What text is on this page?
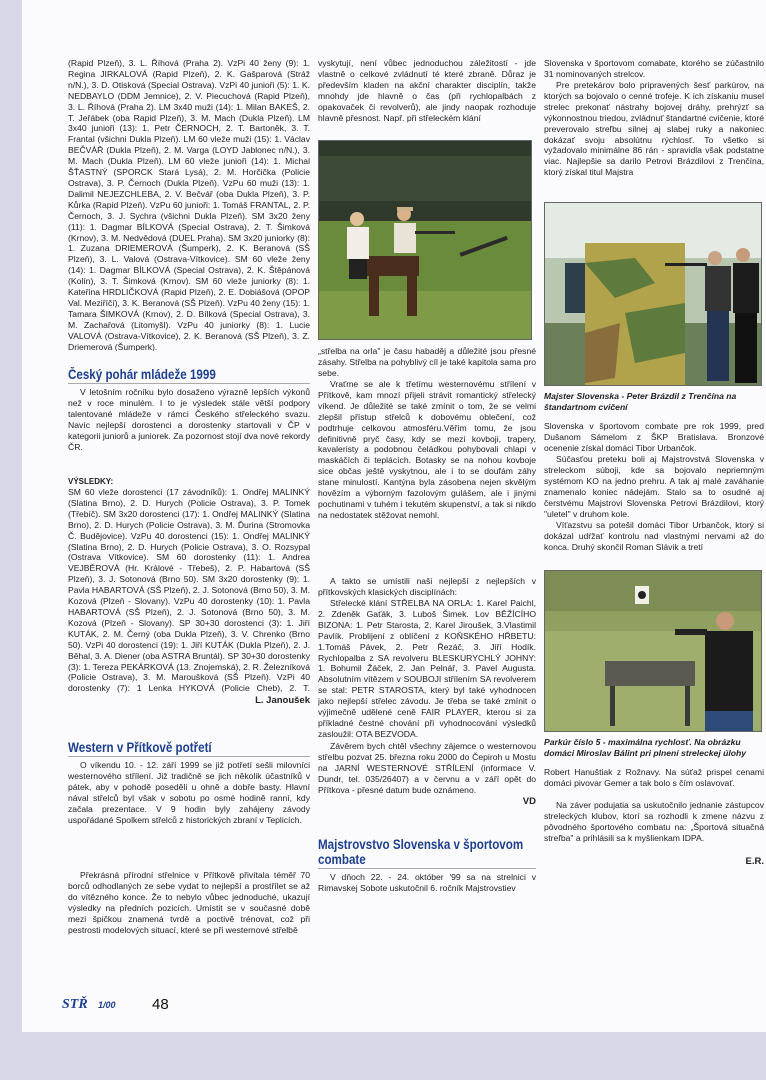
(Rapid Plzeň), 3. L. Říhová (Praha 2). VzPi 40 ženy (9): 1. Regina JIRKALOVÁ (Rapid Plzeň), 2. K. Gašparová (Stráž n/N.), 3. D. Otisková (Special Ostrava). VzPi 40 junioři (5): 1. K. NEDBAYLO (DDM Jemnice), 2. V. Piecuchová (Rapid Plzeň), 3. L. Říhová (Praha 2). LM 3x40 muži (14): 1. Milan BAKEŠ, 2. T. Jeřábek (oba Rapid Plzeň), 3. M. Mach (Dukla Plzeň). LM 3x40 junioři (13): 1. Petr ČERNOCH, 2. T. Bartoněk, 3. T. Frantal (všichni Dukla Plzeň). LM 60 vleže muži (15): 1. Václav BEČVÁŘ (Dukla Plzeň), 2. M. Varga (LOYD Jablonec n/N.), 3. M. Mach (Dukla Plzeň). LM 60 vleže junioři (14): 1. Michal ŠŤASTNÝ (SPORCK Stará Lysá), 2. M. Horčička (Policie Ostrava), 3. P. Černoch (Dukla Plzeň). VzPu 60 muži (13): 1. Dalimil NEJEZCHLEBA, 2. V. Bečvář (oba Dukla Plzeň), 3. P. Kůrka (Rapid Plzeň). VzPu 60 junioři: 1. Tomáš FRANTAL, 2. P. Černoch, 3. J. Sychra (všichni Dukla Plzeň). SM 3x20 ženy (11): 1. Dagmar BÍLKOVÁ (Special Ostrava), 2. T. Šimková (Krnov), 3. M. Nedvědová (DUEL Praha). SM 3x20 juniorky (8): 1. Zuzana DRIEMEROVÁ (Šumperk), 2. K. Beranová (SŠ Plzeň), 3. L. Valová (Ostrava-Vítkovice). SM 60 vleže ženy (14): 1. Dagmar BÍLKOVÁ (Special Ostrava), 2. K. Štěpánová (Kolín), 3. T. Šimková (Krnov). SM 60 vleže juniorky (8): 1. Kateřina HRDLIČKOVÁ (Rapid Plzeň), 2. E. Dobiášová (OPOP Val. Meziříčí), 3. K. Beranová (SŠ Plzeň). VzPu 40 ženy (15): 1. Tamara ŠIMKOVÁ (Krnov), 2. D. Bílková (Special Ostrava), 3. M. Zachařová (Litomyšl). VzPu 40 juniorky (8): 1. Lucie VALOVÁ (Ostrava-Vítkovice), 2. K. Beranová (SŠ Plzeň), 3. Z. Driemerová (Šumperk).

Český pohár mládeže 1999

V letošním ročníku bylo dosaženo výrazně lepších výkonů než v roce minulém. I to je výsledek stále větší podpory talentované mládeže v rámci Českého střeleckého svazu. Navíc nejlepší dorostenci a dorostenky startovali v ČP v kategorii juniorů a juniorek. Za pozornost stojí dva nové rekordy ČR.

VÝSLEDKY:

SM 60 vleže dorostenci (17 závodníků): 1. Ondřej MALINKÝ (Slatina Brno), 2. D. Hurych (Policie Ostrava), 3. P. Tomek (Třebíč). SM 3x20 dorostenci (17): 1. Ondřej MALINKÝ (Slatina Brno), 2. D. Hurych (Policie Ostrava), 3. M. Ďurina (Stromovka Č. Budějovice). VzPu 40 dorostenci (15): 1. Ondřej MALINKÝ (Slatina Brno), 2. D. Hurych (Policie Ostrava), 3. O. Rozsypal (Ostrava Vítkovice). SM 60 dorostenky (11): 1. Andrea VEJBĚROVÁ (Hr. Králové - Třebeš), 2. P. Habartová (SŠ Plzeň), 3. J. Sotonová (Brno 50). SM 3x20 dorostenky (9): 1. Pavla HABARTOVÁ (SŠ Plzeň), 2. J. Sotonová (Brno 50), 3. M. Kozová (Plzeň - Slovany). VzPu 40 dorostenky (10): 1. Pavla HABARTOVÁ (SŠ Plzeň), 2. J. Sotonová (Brno 50), 3. M. Kozová (Plzeň - Slovany). SP 30+30 dorostenci (3): 1. Jiří KUTÁK, 2. M. Černý (oba Dukla Plzeň), 3. V. Chrenko (Brno 50). VzPi 40 dorostenci (19): 1. Jiří KUTÁK (Dukla Plzeň), 2. J. Běhal, 3. A. Diener (oba ASTRA Bruntál). SP 30+30 dorostenky (3): 1. Tereza PEKÁRKOVÁ (13. Znojemská), 2. R. Železníková (Policie Ostrava), 3. M. Maroušková (SŠ Plzeň). VzPi 40 dorostenky (7): 1 Lenka HYKOVÁ (Policie Cheb), 2. T.

L. Janoušek
Western v Přítkově potřetí

O víkendu 10. - 12. září 1999 se již potřetí sešli milovníci westernového střílení. Již tradičně se jich několik účastníků v pátek, aby v pohodě poseděli u ohně a dobře basty. Hlavní nával střelců byl však v sobotu po osmé hodině ranní, kdy začala prezentace. V 9 hodin byly zahájeny závody uspořádané Spolkem střelců z historických zbraní v Teplicích.

Překrásná přírodní střelnice v Přítkově přivítala téměř 70 borců odhodlaných ze sebe vydat to nejlepší a prostřílet se až do vítězného konce. Že to nebylo vůbec jednoduché, ukazují výsledky na předních pozicích. Umístit se v současné době mezi špičkou znamená tvrdě a poctivě trénovat, což při pestrosti modelových situací, které se při westernové střelbě

vyskytují, není vůbec jednoduchou záležitostí - jde vlastně o celkové zvládnutí té které zbraně. Důraz je především kladen na akční charakter disciplín, takže mnohdy jde hlavně o čas (při rychlopalbách z opakovaček či revolverů), ale jindy naopak rozhoduje hlavně přesnost. Např. při střeleckém klání

„střelba na orla" je času habaděj a důležité jsou přesné zásahy. Střelba na pohyblivý cíl je také kapitola sama pro sebe.

Vraťme se ale k třetímu westernovému střílení v Přítkově, kam mnozí přijeli strávit romantický střelecký víkend. Je důležité se také zmínit o tom, že se velmi zlepšil přístup střelců k dobovému oblečení, což podtrhuje celkovou atmosféru.Věřím tomu, že jsou definitivně pryč časy, kdy se mezi kovboji, trapery, kavaleristy a podobnou čeládkou pohybovali chlapi v maskáčích či teplácích. Botasky se na nohou kovboje sice občas ještě vyskytnou, ale i to se doufám záhy stane minulostí. Kantýna byla zásobena nejen skvělým hovězím a výborným fazolovým gulášem, ale i jinými pochutinami v tuhém i tekutém skupenství, a tak si nikdo na nedostatek stěžovat nemohl.

A takto se umístili naši nejlepší z nejlepších v přítkovských klasických disciplínách:

Střelecké klání STŘELBA NA ORLA: 1. Karel Paichl, 2. Zdeněk Gaťák, 3. Luboš Šimek. Lov BĚŽÍCÍHO BIZONA: 1. Petr Starosta, 2. Karel Jiroušek, 3.Vlastimil Pavlík. Problijení z oblíčení z KOŇSKÉHO HŘBETU: 1.Tomáš Pávek, 2. Petr Řezáč, 3. Jiří Hodík. Rychlopalba z SA revolveru BLESKURYCHLÝ JOHNY: 1. Bohumil Žáček, 2. Jan Pelnář, 3. Pavel Augusta. Absolutním vítězem v SOUBOJI střílením SA revolverem se stal: PETR STAROSTA, který byl také vyhodnocen jako nejlepší střelec závodu. Je třeba se také zmínit o výjimečně udělené ceně FAIR PLAYER, kterou si za příkladné čestné chování při vyhodnocování výsledků zasloužil: OTA BEZVODA.

Závěrem bych chtěl všechny zájemce o westernovou střelbu pozvat 25. března roku 2000 do Čepiroh u Mostu na JARNÍ WESTERNOVÉ STŘÍLENÍ (informace V. Dundr, tel. 035/26407) a v červnu a v září opět do Přítkova - přesné datum bude oznámeno.

VD
Majstrovstvo Slovenska v športovom combate

V dňoch 22. - 24. október '99 sa na strelnici v Rimavskej Sobote uskutočnil 6. ročník Majstrovstiev

Slovenska v športovom comabate, ktorého se zúčastnilo 31 nominovaných strelcov.

Pre pretekárov bolo pripravených šesť parkúrov, na ktorých sa bojovalo o cenné trofeje. K ich získaniu musel strelec prekonať nástrahy bojovej dráhy, prehrýzť sa výkonnostnou triedou, zvládnuť štandartné cvičenie, ktoré preverovalo streľbu silnej aj slabej ruky a nakoniec dokázať svoju absolútnu rýchlosť. To všetko si vyžadovalo minimálne 86 rán - spravidla však podstatne viac. Najlepšie sa darilo Petrovi Brázdilovi z Trenčína, ktorý získal titul Majstra

Majster Slovenska - Peter Brázdil z Trenčína na štandartnom cvičení

Slovenska v športovom combate pre rok 1999, pred Dušanom Sámelom z ŠKP Bratislava. Bronzové ocenenie získal domáci Tibor Urbančok.

Súčasťou preteku boli aj Majstrovstvá Slovenska v streleckom súboji, kde sa bojovalo nepriemným systémom KO na jedno prehru. A tak aj malé zaváhanie znamenalo koniec nádejám. Stalo sa to osudné aj čerstvému Majstrovi Slovenska Petrovi Brázdilovi, ktorý "uletel" v druhom kole.

Víťazstvu sa potešil domáci Tibor Urbančok, ktorý si dokázal udŕžať kontrolu nad vlastnými nervami až do konca. Druhý skončil Roman Slávik a tretí

Parkúr číslo 5 - maximálna rychlosť. Na obrázku domáci Miroslav Bálint pri plnení streleckej úlohy

Robert Hanuštiak z Rožnavy. Na súťaž prispel cenami domáci pivovar Gemer a tak bolo s čím oslavovať.

Na záver podujatia sa uskutočnilo jednanie zástupcov streleckých klubov, ktorí sa rozhodli k zmene názvu z pôvodného športového combatu na: „Športová situačná streľba" a prihlásili sa k myšlienkam IDPA.

E.R.
STŘ 1/00 48
